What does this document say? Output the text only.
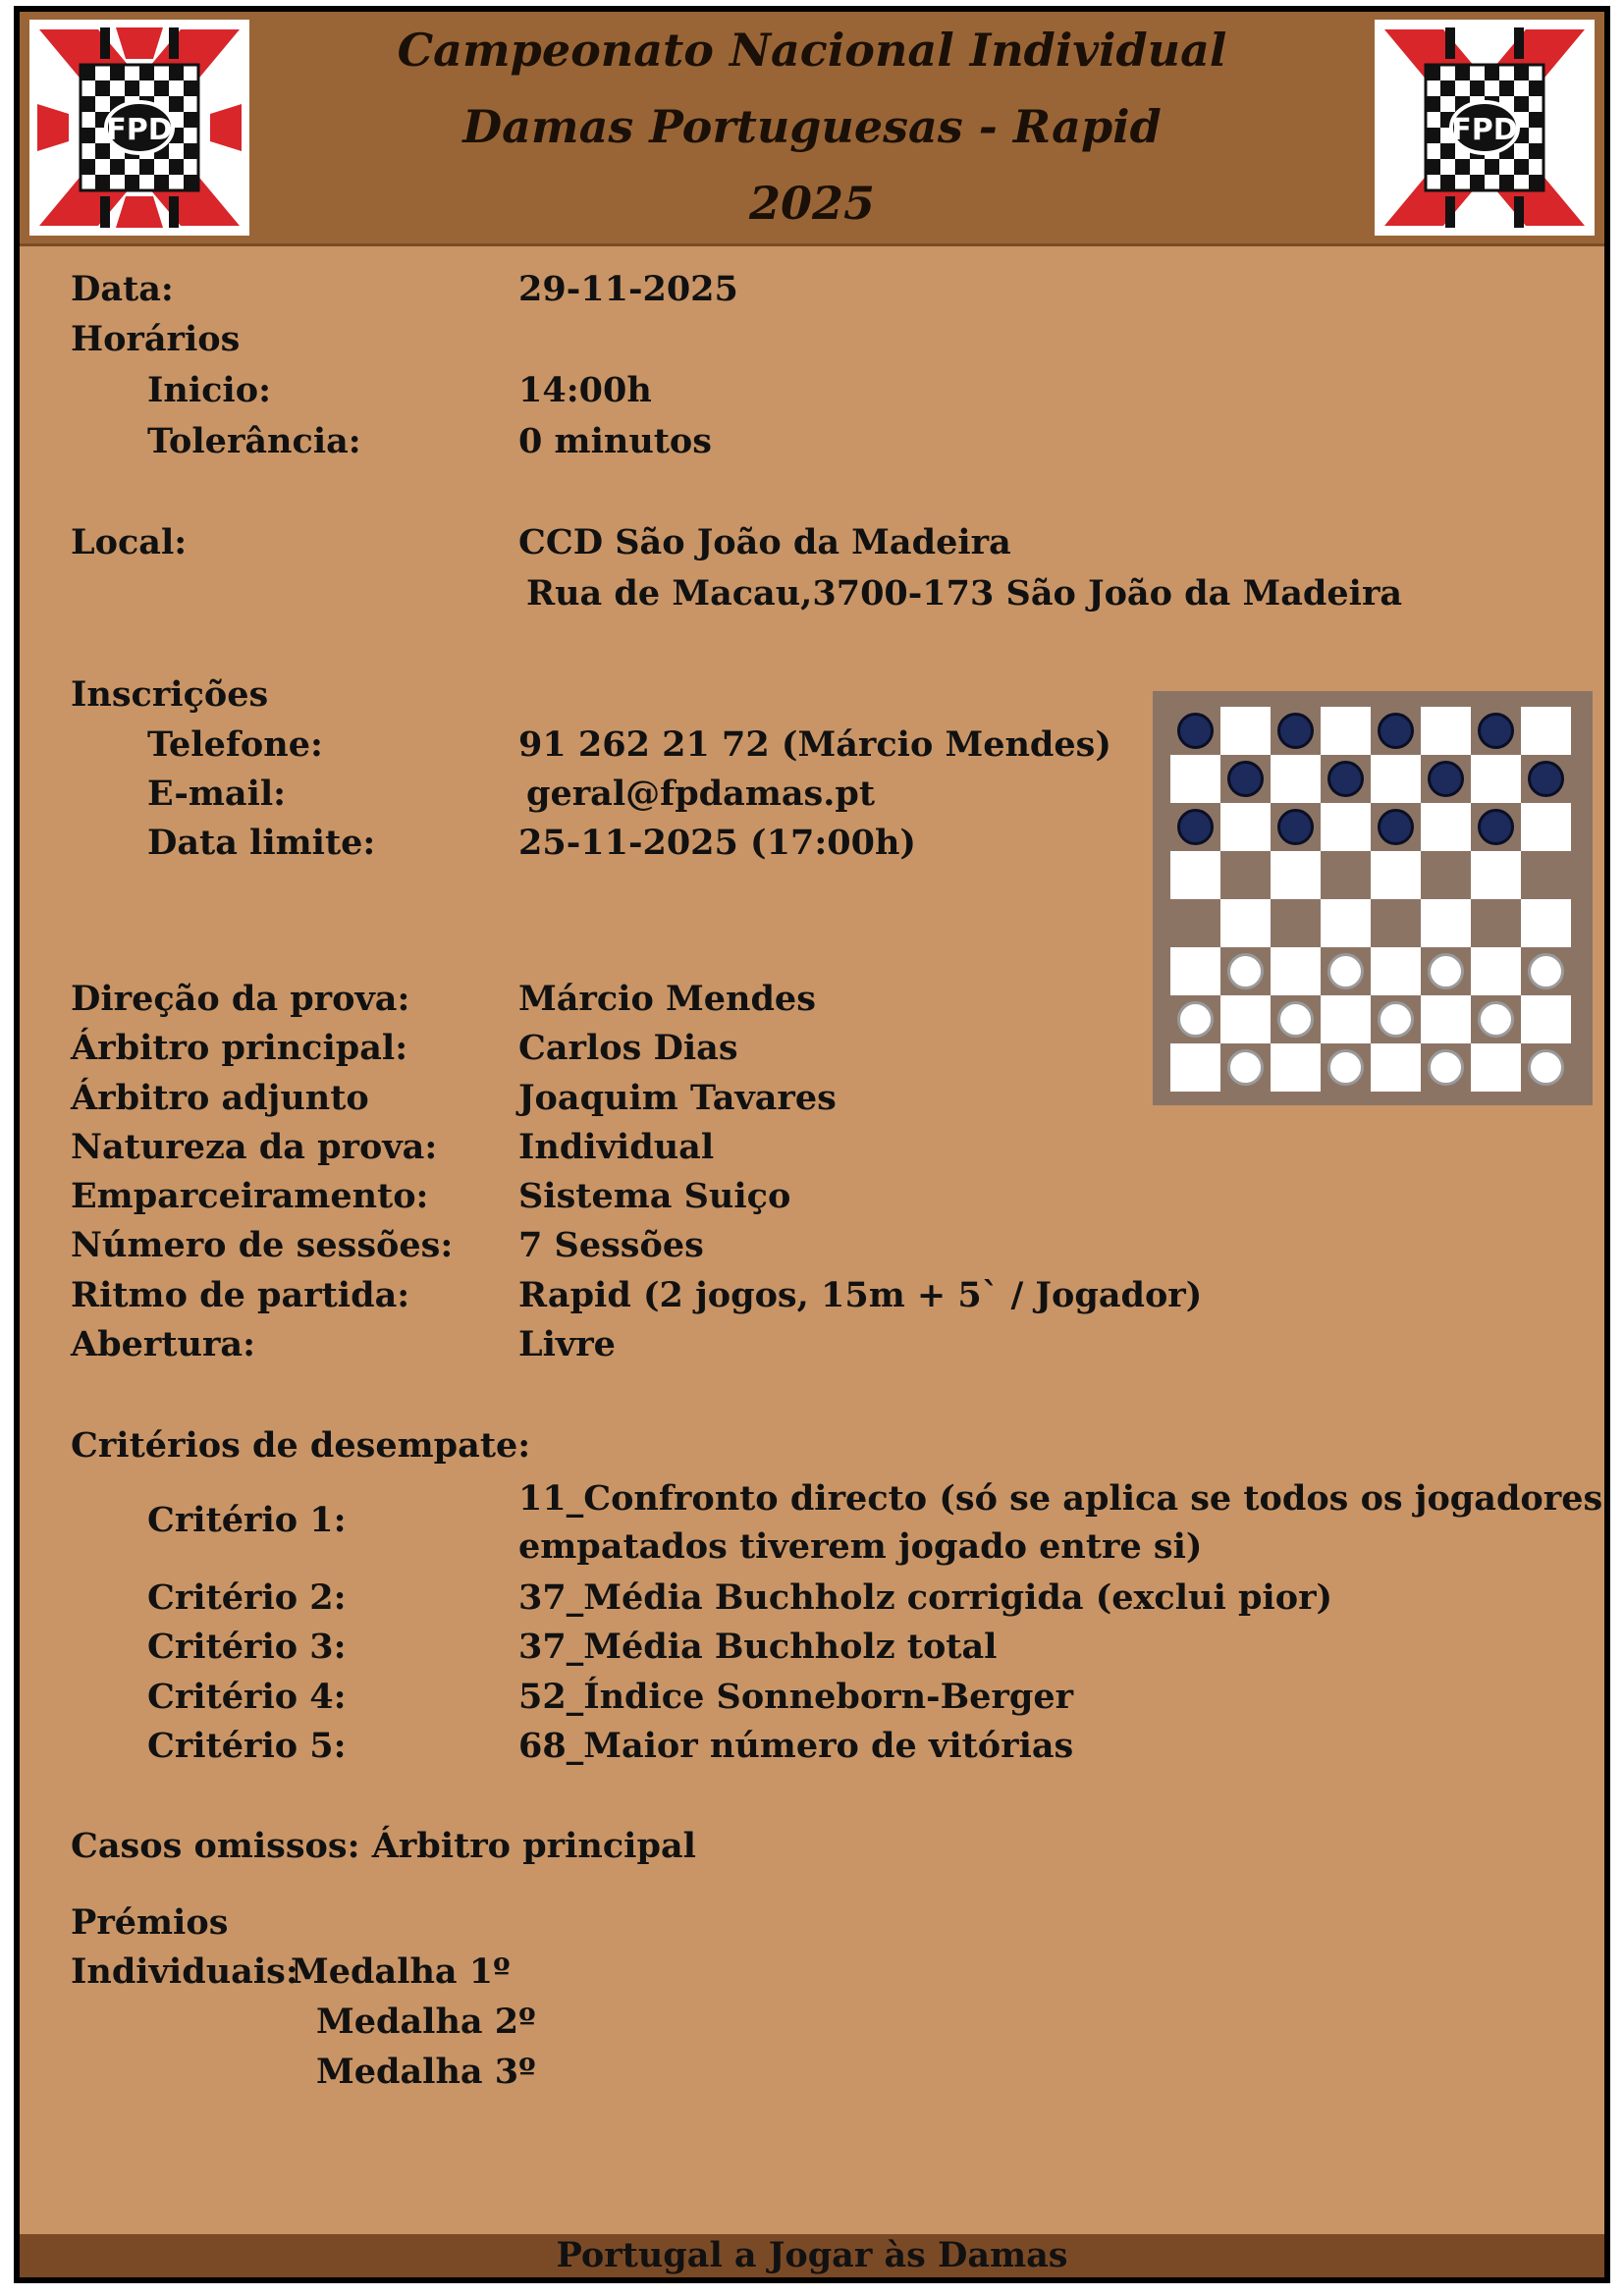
FPD
Campeonato Nacional Individual
Damas Portuguesas - Rapid
2025
FPD
Data:	29-11-2025
Horários
Inicio:	14:00h
Tolerância:	0 minutos
Local:	CCD São João da Madeira
Rua de Macau,3700-173 São João da Madeira
Inscrições
Telefone:	91 262 21 72 (Márcio Mendes)
E-mail:	geral@fpdamas.pt
Data limite:	25-11-2025 (17:00h)
Direção da prova:	Márcio Mendes
Árbitro principal:	Carlos Dias
Árbitro adjunto	Joaquim Tavares
Natureza da prova: Individual
Emparceiramento:	Sistema Suiço
Número de sessões: 7 Sessões
Ritmo de partida:	Rapid (2 jogos, 15m + 5` / Jogador)
Abertura:	Livre
Critérios de desempate:
Critério 1:
11_Confronto directo (só se aplica se todos os jogadores
empatados tiverem jogado entre si)
Critério 2:	37_Média Buchholz corrigida (exclui pior)
Critério 3:	37_Média Buchholz total
Critério 4:	52_Índice Sonneborn-Berger
Critério 5:	68_Maior número de vitórias
Casos omissos: Árbitro principal
Prémios
Individuais:
Medalha 1º
Medalha 2º
Medalha 3º
Portugal a Jogar às Damas
